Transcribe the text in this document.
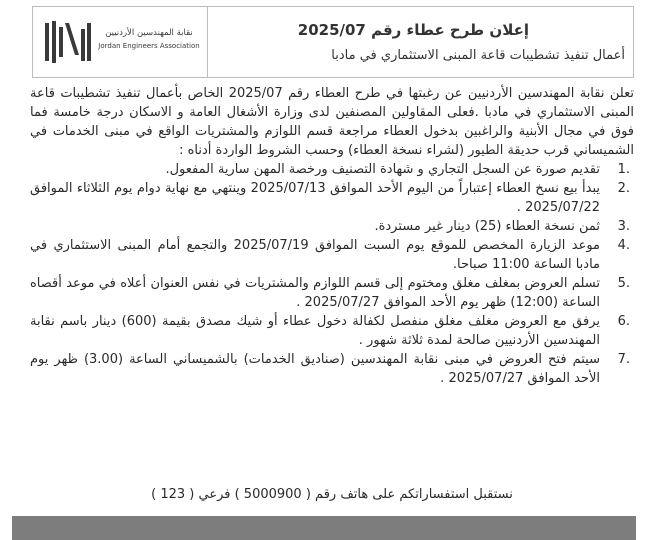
نقابة المهندسين الأردنيين
Jordan Engineers Association
إعلان طرح عطاء رقم 2025/07
أعمال تنفيذ تشطيبات قاعة المبنى الاستثماري في مادبا

تعلن نقابة المهندسين الأردنيين عن رغبتها في طرح العطاء رقم 2025/07 الخاص بأعمال تنفيذ تشطيبات قاعة المبنى الاستثماري في مادبا .فعلى المقاولين المصنفين لدى وزارة الأشغال العامة و الاسكان درجة خامسة فما فوق في مجال الأبنية والراغبين بدخول العطاء مراجعة قسم اللوازم والمشتريات الواقع في مبنى الخدمات في الشميساني قرب حديقة الطيور (لشراء نسخة العطاء) وحسب الشروط الواردة أدناه :

1.
تقديم صورة عن السجل التجاري و شهادة التصنيف ورخصة المهن سارية المفعول.
2.
يبدأ بيع نسخ العطاء إعتباراً من اليوم الأحد الموافق 2025/07/13 وينتهي مع نهاية دوام يوم الثلاثاء الموافق 2025/07/22 .
3.
ثمن نسخة العطاء (25) دينار غير مستردة.
4.
موعد الزيارة المخصص للموقع يوم السبت الموافق 2025/07/19 والتجمع أمام المبنى الاستثماري في مادبا الساعة 11:00 صباحا.
5.
تسلم العروض بمغلف مغلق ومختوم إلى قسم اللوازم والمشتريات في نفس العنوان أعلاه في موعد أقصاه الساعة (12:00) ظهر يوم الأحد الموافق 2025/07/27 .
6.
يرفق مع العروض مغلف مغلق منفصل لكفالة دخول عطاء أو شيك مصدق بقيمة (600) دينار باسم نقابة المهندسين الأردنيين صالحة لمدة ثلاثة شهور .
7.
سيتم فتح العروض في مبنى نقابة المهندسين (صناديق الخدمات) بالشميساني الساعة (3.00) ظهر يوم الأحد الموافق 2025/07/27 .
نستقبل استفساراتكم على هاتف رقم ( 5000900 ) فرعي ( 123 )
